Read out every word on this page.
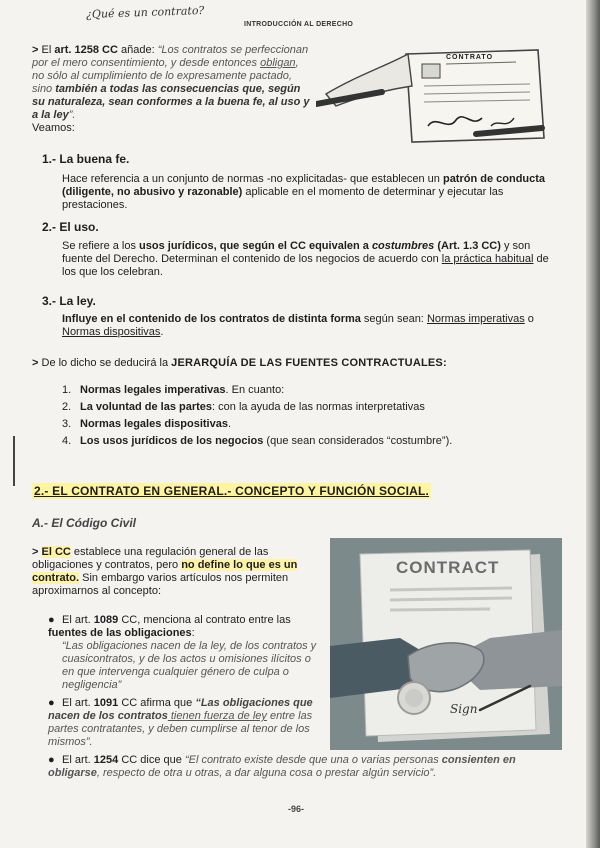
¿Qué es un contrato?
INTRODUCCIÓN AL DERECHO
> El art. 1258 CC añade: “Los contratos se perfeccionan por el mero consentimiento, y desde entonces obligan, no sólo al cumplimiento de lo expresamente pactado, sino también a todas las consecuencias que, según su naturaleza, sean conformes a la buena fe, al uso y a la ley”.
Veamos:
CONTRATO
1.- La buena fe.
Hace referencia a un conjunto de normas -no explicitadas- que establecen un patrón de conducta (diligente, no abusivo y razonable) aplicable en el momento de determinar y ejecutar las prestaciones.
2.- El uso.
Se refiere a los usos jurídicos, que según el CC equivalen a costumbres (Art. 1.3 CC) y son fuente del Derecho. Determinan el contenido de los negocios de acuerdo con la práctica habitual de los que los celebran.
3.- La ley.
Influye en el contenido de los contratos de distinta forma según sean: Normas imperativas o Normas dispositivas.
> De lo dicho se deducirá la JERARQUÍA DE LAS FUENTES CONTRACTUALES:
1. Normas legales imperativas. En cuanto:
2. La voluntad de las partes: con la ayuda de las normas interpretativas
3. Normas legales dispositivas.
4. Los usos jurídicos de los negocios (que sean considerados “costumbre”).
2.- EL CONTRATO EN GENERAL.- CONCEPTO Y FUNCIÓN SOCIAL.
A.- El Código Civil
> El CC establece una regulación general de las obligaciones y contratos, pero no define lo que es un contrato. Sin embargo varios artículos nos permiten aproximarnos al concepto:
● El art. 1089 CC, menciona al contrato entre las fuentes de las obligaciones:
“Las obligaciones nacen de la ley, de los contratos y cuasicontratos, y de los actos u omisiones ilícitos o en que intervenga cualquier género de culpa o negligencia”
● El art. 1091 CC afirma que “Las obligaciones que nacen de los contratos tienen fuerza de ley entre las partes contratantes, y deben cumplirse al tenor de los mismos”.
● El art. 1254 CC dice que “El contrato existe desde que una o varias personas consienten en obligarse, respecto de otra u otras, a dar alguna cosa o prestar algún servicio”.
CONTRACT
Sign
-96-
